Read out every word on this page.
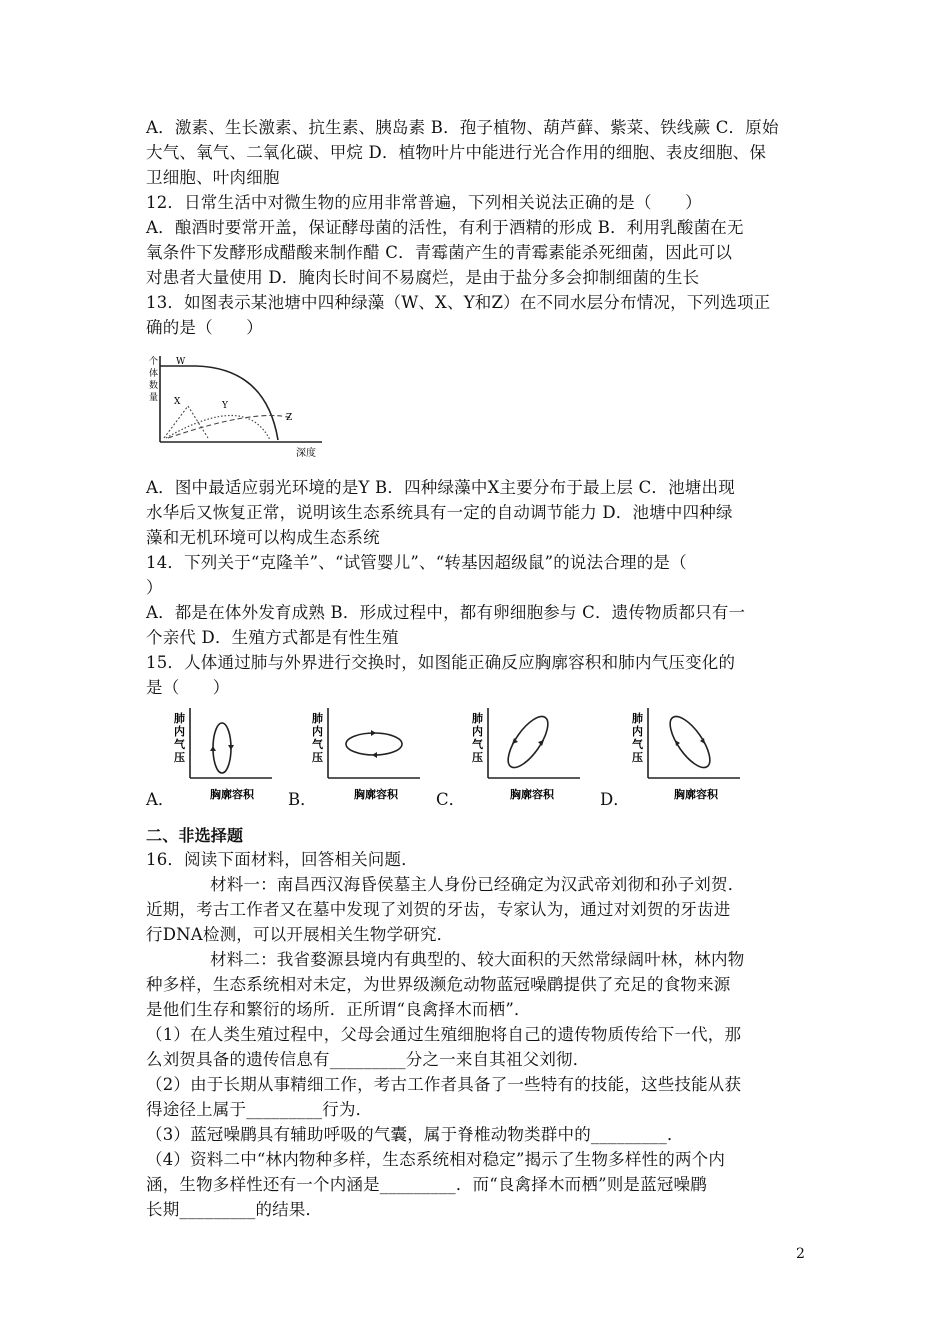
A．激素、生长激素、抗生素、胰岛素 B．孢子植物、葫芦藓、紫菜、铁线蕨 C．原始
大气、氧气、二氧化碳、甲烷 D．植物叶片中能进行光合作用的细胞、表皮细胞、保
卫细胞、叶肉细胞
12．日常生活中对微生物的应用非常普遍，下列相关说法正确的是（　　）
A．酿酒时要常开盖，保证酵母菌的活性，有利于酒精的形成 B．利用乳酸菌在无
氧条件下发酵形成醋酸来制作醋 C．青霉菌产生的青霉素能杀死细菌，因此可以
对患者大量使用 D．腌肉长时间不易腐烂，是由于盐分多会抑制细菌的生长
13．如图表示某池塘中四种绿藻（W、X、Y和Z）在不同水层分布情况，下列选项正
确的是（　　）
个
体
数
量
深度
W
X	Y
Z
A．图中最适应弱光环境的是Y B．四种绿藻中X主要分布于最上层 C．池塘出现
水华后又恢复正常，说明该生态系统具有一定的自动调节能力 D．池塘中四种绿
藻和无机环境可以构成生态系统
14．下列关于“克隆羊”、“试管婴儿”、“转基因超级鼠”的说法合理的是（
）
A．都是在体外发育成熟 B．形成过程中，都有卵细胞参与 C．遗传物质都只有一
个亲代 D．生殖方式都是有性生殖
15．人体通过肺与外界进行交换时，如图能正确反应胸廓容积和肺内气压变化的
是（　　）
A．
肺
内
气
压
胸廓容积 B．
肺
内
气
压
胸廓容积 C．
肺
内
气
压
胸廓容积	D．
肺
内
气
压
胸廓容积
二、非选择题
16．阅读下面材料，回答相关问题．
材料一：南昌西汉海昏侯墓主人身份已经确定为汉武帝刘彻和孙子刘贺．
近期，考古工作者又在墓中发现了刘贺的牙齿，专家认为，通过对刘贺的牙齿进
行DNA检测，可以开展相关生物学研究．
材料二：我省婺源县境内有典型的、较大面积的天然常绿阔叶林，林内物
种多样，生态系统相对未定，为世界级濒危动物蓝冠噪鹛提供了充足的食物来源
是他们生存和繁衍的场所．正所谓“良禽择木而栖”．
（1）在人类生殖过程中，父母会通过生殖细胞将自己的遗传物质传给下一代，那
么刘贺具备的遗传信息有_________分之一来自其祖父刘彻．
（2）由于长期从事精细工作，考古工作者具备了一些特有的技能，这些技能从获
得途径上属于_________行为．
（3）蓝冠噪鹛具有辅助呼吸的气囊，属于脊椎动物类群中的_________．
（4）资料二中“林内物种多样，生态系统相对稳定”揭示了生物多样性的两个内
涵，生物多样性还有一个内涵是_________．而“良禽择木而栖”则是蓝冠噪鹛
长期_________的结果．
2
